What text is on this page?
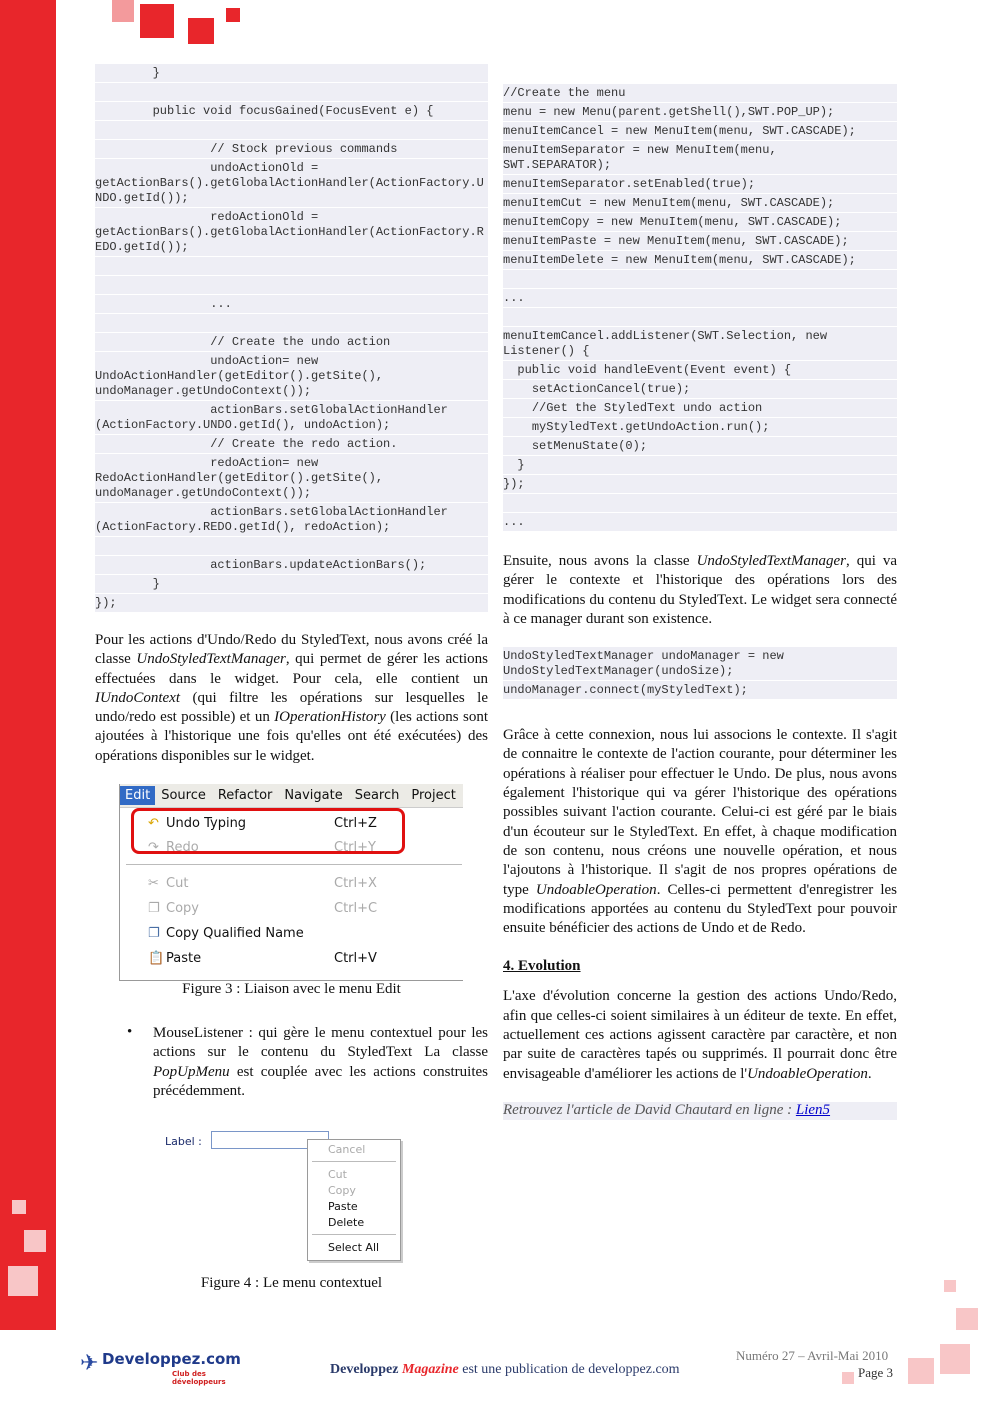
}
public void focusGained(FocusEvent e) {
// Stock previous commands
undoActionOld =
getActionBars().getGlobalActionHandler(ActionFactory.UNDO.getId());
redoActionOld =
getActionBars().getGlobalActionHandler(ActionFactory.REDO.getId());
...
// Create the undo action
undoAction= new
UndoActionHandler(getEditor().getSite(),
undoManager.getUndoContext());
actionBars.setGlobalActionHandler
(ActionFactory.UNDO.getId(), undoAction);
// Create the redo action.
redoAction= new
RedoActionHandler(getEditor().getSite(),
undoManager.getUndoContext());
actionBars.setGlobalActionHandler
(ActionFactory.REDO.getId(), redoAction);
actionBars.updateActionBars();
}
});

Pour les actions d'Undo/Redo du StyledText, nous avons créé la classe UndoStyledTextManager, qui permet de gérer les actions effectuées dans le widget. Pour cela, elle contient un IUndoContext (qui filtre les opérations sur lesquelles le undo/redo est possible) et un IOperationHistory (les actions sont ajoutées à l'historique une fois qu'elles ont été exécutées) des opérations disponibles sur le widget.

Edit Source Refactor Navigate Search Project
↶ Undo Typing	Ctrl+Z
↷ Redo	Ctrl+Y
✂ Cut	Ctrl+X
❐ Copy	Ctrl+C
❐ Copy Qualified Name
📋 Paste	Ctrl+V
Figure 3 : Liaison avec le menu Edit
• MouseListener : qui gère le menu contextuel pour les actions sur le contenu du StyledText La classe PopUpMenu est couplée avec les actions construites précédemment.

Label :
Cancel
Cut
Copy
Paste
Delete
Select All
Figure 4 : Le menu contextuel
//Create the menu
menu = new Menu(parent.getShell(),SWT.POP_UP);
menuItemCancel = new MenuItem(menu, SWT.CASCADE);
menuItemSeparator = new MenuItem(menu,
SWT.SEPARATOR);
menuItemSeparator.setEnabled(true);
menuItemCut = new MenuItem(menu, SWT.CASCADE);
menuItemCopy = new MenuItem(menu, SWT.CASCADE);
menuItemPaste = new MenuItem(menu, SWT.CASCADE);
menuItemDelete = new MenuItem(menu, SWT.CASCADE);
...
menuItemCancel.addListener(SWT.Selection, new
Listener() {
public void handleEvent(Event event) {
setActionCancel(true);
//Get the StyledText undo action
myStyledText.getUndoAction.run();
setMenuState(0);
}
});
...

Ensuite, nous avons la classe UndoStyledTextManager, qui va gérer le contexte et l'historique des opérations lors des modifications du contenu du StyledText. Le widget sera connecté à ce manager durant son existence.

UndoStyledTextManager undoManager = new
UndoStyledTextManager(undoSize);
undoManager.connect(myStyledText);

Grâce à cette connexion, nous lui associons le contexte. Il s'agit de connaitre le contexte de l'action courante, pour déterminer les opérations à réaliser pour effectuer le Undo. De plus, nous avons également l'historique qui va gérer l'historique des opérations possibles suivant l'action courante. Celui-ci est géré par le biais d'un écouteur sur le StyledText. En effet, à chaque modification de son contenu, nous créons une nouvelle opération, et nous l'ajoutons à l'historique. Il s'agit de nos propres opérations de type UndoableOperation. Celles-ci permettent d'enregistrer les modifications apportées au contenu du StyledText pour pouvoir ensuite bénéficier des actions de Undo et de Redo.

4. Evolution

L'axe d'évolution concerne la gestion des actions Undo/Redo, afin que celles-ci soient similaires à un éditeur de texte. En effet, actuellement ces actions agissent caractère par caractère, et non par suite de caractères tapés ou supprimés. Il pourrait donc être envisageable d'améliorer les actions de l'UndoableOperation.

Retrouvez l'article de David Chautard en ligne : Lien5
✈ Developpez.com
Club des développeurs
Developpez Magazine est une publication de developpez.com
Numéro 27 – Avril-Mai 2010
Page 3
